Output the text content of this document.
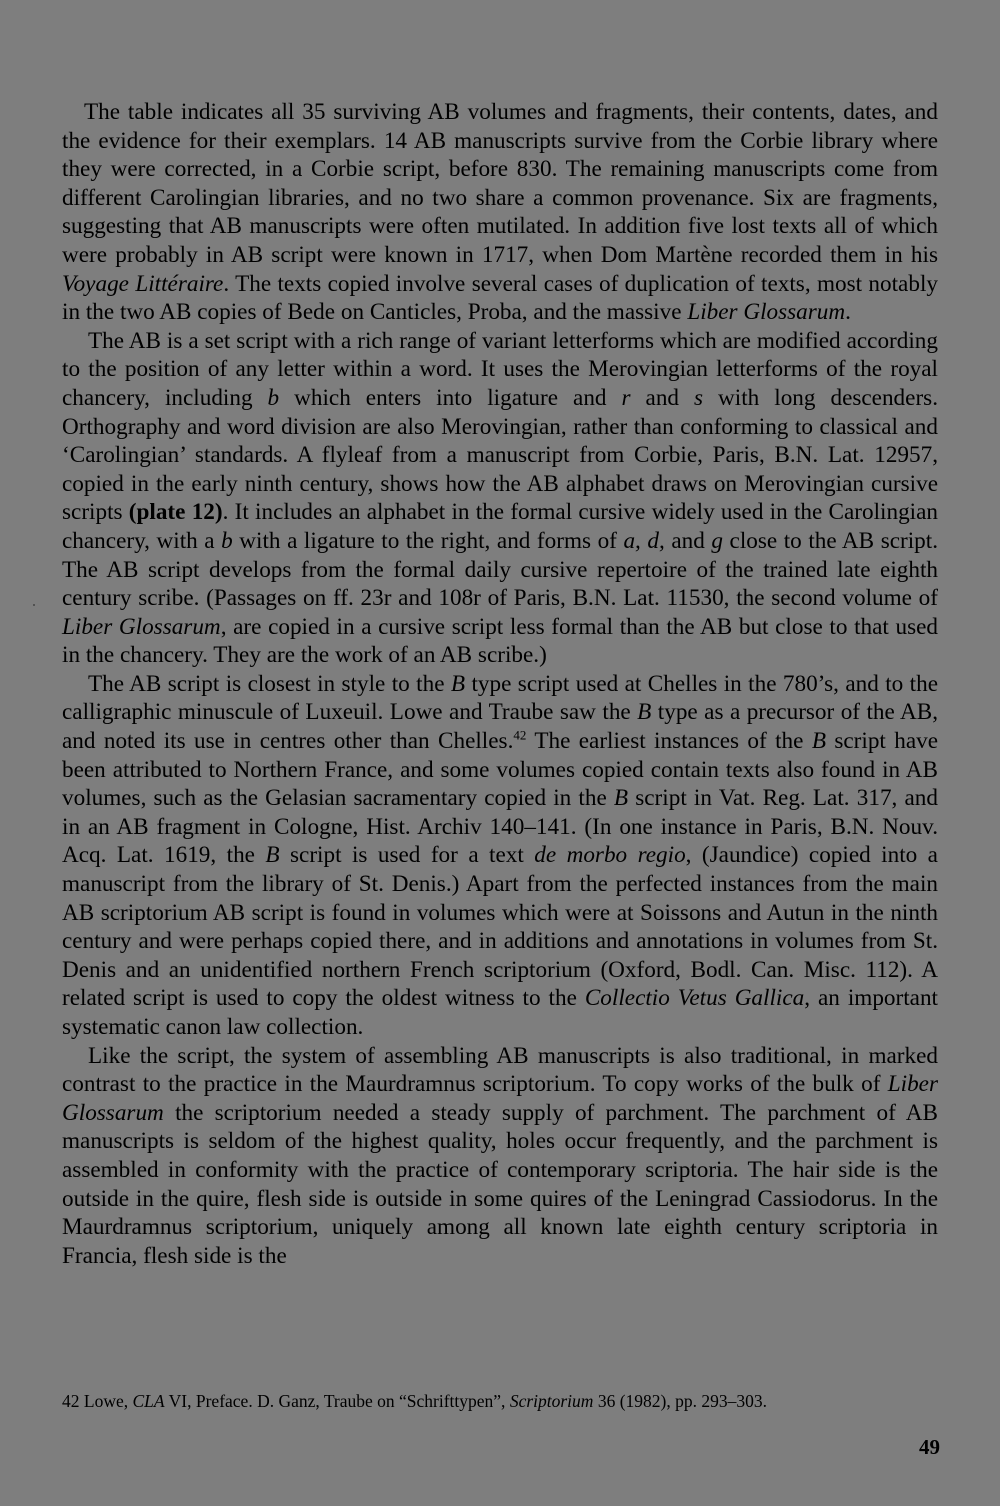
The table indicates all 35 surviving AB volumes and fragments, their contents, dates, and the evidence for their exemplars. 14 AB manuscripts survive from the Corbie library where they were corrected, in a Corbie script, before 830. The remaining manuscripts come from different Carolingian libraries, and no two share a common provenance. Six are fragments, suggesting that AB manuscripts were often mutilated. In addition five lost texts all of which were probably in AB script were known in 1717, when Dom Martène recorded them in his Voyage Littéraire. The texts copied involve several cases of duplication of texts, most notably in the two AB copies of Bede on Canticles, Proba, and the massive Liber Glossarum.

The AB is a set script with a rich range of variant letterforms which are modified according to the position of any letter within a word. It uses the Merovingian letterforms of the royal chancery, including b which enters into ligature and r and s with long descenders. Orthography and word division are also Merovingian, rather than conforming to classical and ‘Carolingian’ standards. A flyleaf from a manuscript from Corbie, Paris, B.N. Lat. 12957, copied in the early ninth century, shows how the AB alphabet draws on Merovingian cursive scripts (plate 12). It includes an alphabet in the formal cursive widely used in the Carolingian chancery, with a b with a ligature to the right, and forms of a, d, and g close to the AB script. The AB script develops from the formal daily cursive repertoire of the trained late eighth century scribe. (Passages on ff. 23r and 108r of Paris, B.N. Lat. 11530, the second volume of Liber Glossarum, are copied in a cursive script less formal than the AB but close to that used in the chancery. They are the work of an AB scribe.)

The AB script is closest in style to the B type script used at Chelles in the 780’s, and to the calligraphic minuscule of Luxeuil. Lowe and Traube saw the B type as a precursor of the AB, and noted its use in centres other than Chelles.$^{42}$ The earliest instances of the B script have been attributed to Northern France, and some volumes copied contain texts also found in AB volumes, such as the Gelasian sacramentary copied in the B script in Vat. Reg. Lat. 317, and in an AB fragment in Cologne, Hist. Archiv 140–141. (In one instance in Paris, B.N. Nouv. Acq. Lat. 1619, the B script is used for a text de morbo regio, (Jaundice) copied into a manuscript from the library of St. Denis.) Apart from the perfected instances from the main AB scriptorium AB script is found in volumes which were at Soissons and Autun in the ninth century and were perhaps copied there, and in additions and annotations in volumes from St. Denis and an unidentified northern French scriptorium (Oxford, Bodl. Can. Misc. 112). A related script is used to copy the oldest witness to the Collectio Vetus Gallica, an important systematic canon law collection.

Like the script, the system of assembling AB manuscripts is also traditional, in marked contrast to the practice in the Maurdramnus scriptorium. To copy works of the bulk of Liber Glossarum the scriptorium needed a steady supply of parchment. The parchment of AB manuscripts is seldom of the highest quality, holes occur frequently, and the parchment is assembled in conformity with the practice of contemporary scriptoria. The hair side is the outside in the quire, flesh side is outside in some quires of the Leningrad Cassiodorus. In the Maurdramnus scriptorium, uniquely among all known late eighth century scriptoria in Francia, flesh side is the

42 Lowe, CLA VI, Preface. D. Ganz, Traube on “Schrifttypen”, Scriptorium 36 (1982), pp. 293–303.

49
